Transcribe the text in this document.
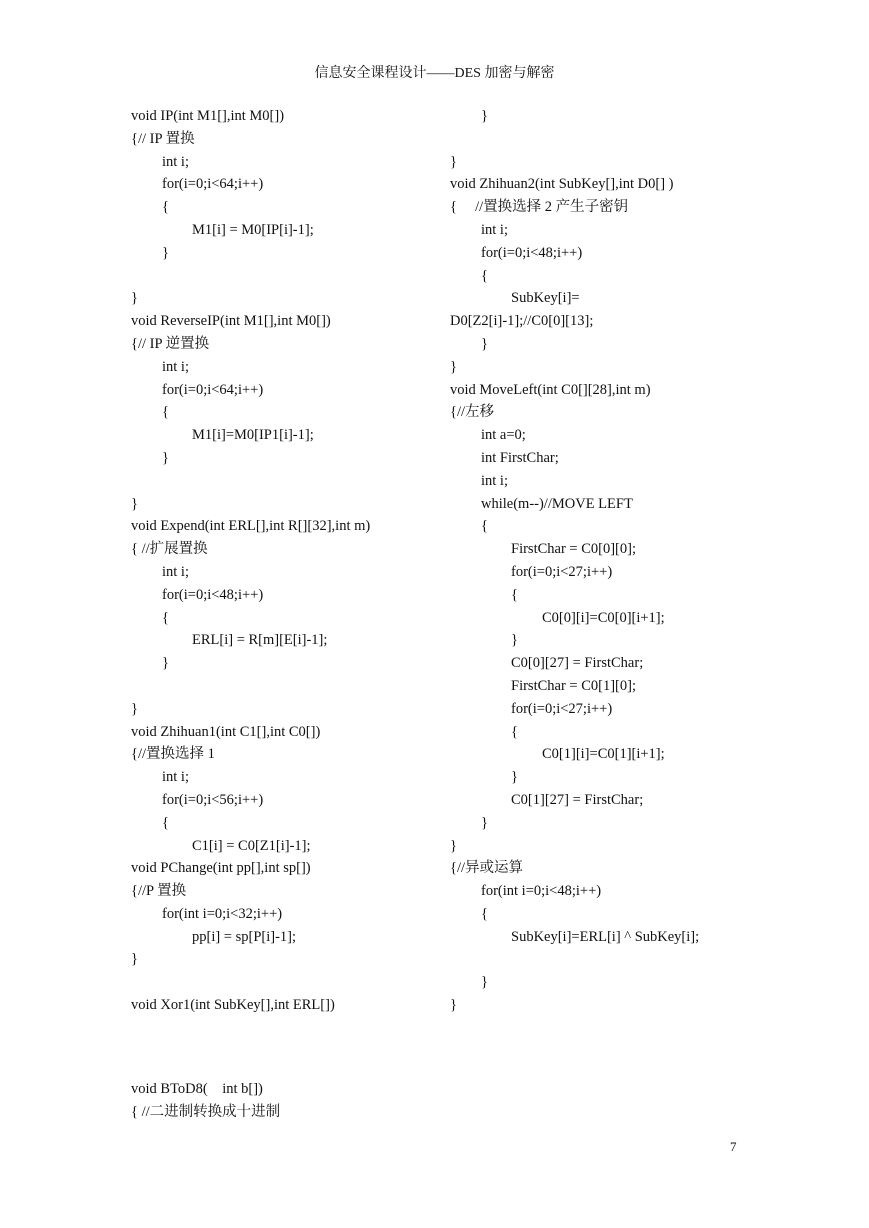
信息安全课程设计——DES 加密与解密
void IP(int M1[],int M0[])
{// IP 置换
int i;
for(i=0;i<64;i++)
{
M1[i] = M0[IP[i]-1];
}
}
void ReverseIP(int M1[],int M0[])
{// IP 逆置换
int i;
for(i=0;i<64;i++)
{
M1[i]=M0[IP1[i]-1];
}
}
void Expend(int ERL[],int R[][32],int m)
{ //扩展置换
int i;
for(i=0;i<48;i++)
{
ERL[i] = R[m][E[i]-1];
}
}
void Zhihuan1(int C1[],int C0[])
{//置换选择 1
int i;
for(i=0;i<56;i++)
{
C1[i] = C0[Z1[i]-1];
void PChange(int pp[],int sp[])
{//P 置换
for(int i=0;i<32;i++)
pp[i] = sp[P[i]-1];
}
void Xor1(int SubKey[],int ERL[])
}
}
void Zhihuan2(int SubKey[],int D0[] )
{     //置换选择 2 产生子密钥
int i;
for(i=0;i<48;i++)
{
SubKey[i]=
D0[Z2[i]-1];//C0[0][13];
}
}
void MoveLeft(int C0[][28],int m)
{//左移
int a=0;
int FirstChar;
int i;
while(m--)//MOVE LEFT
{
FirstChar = C0[0][0];
for(i=0;i<27;i++)
{
C0[0][i]=C0[0][i+1];
}
C0[0][27] = FirstChar;
FirstChar = C0[1][0];
for(i=0;i<27;i++)
{
C0[1][i]=C0[1][i+1];
}
C0[1][27] = FirstChar;
}
}
{//异或运算
for(int i=0;i<48;i++)
{
SubKey[i]=ERL[i] ^ SubKey[i];
}
}
void BToD8(    int b[])
{ //二进制转换成十进制
7
